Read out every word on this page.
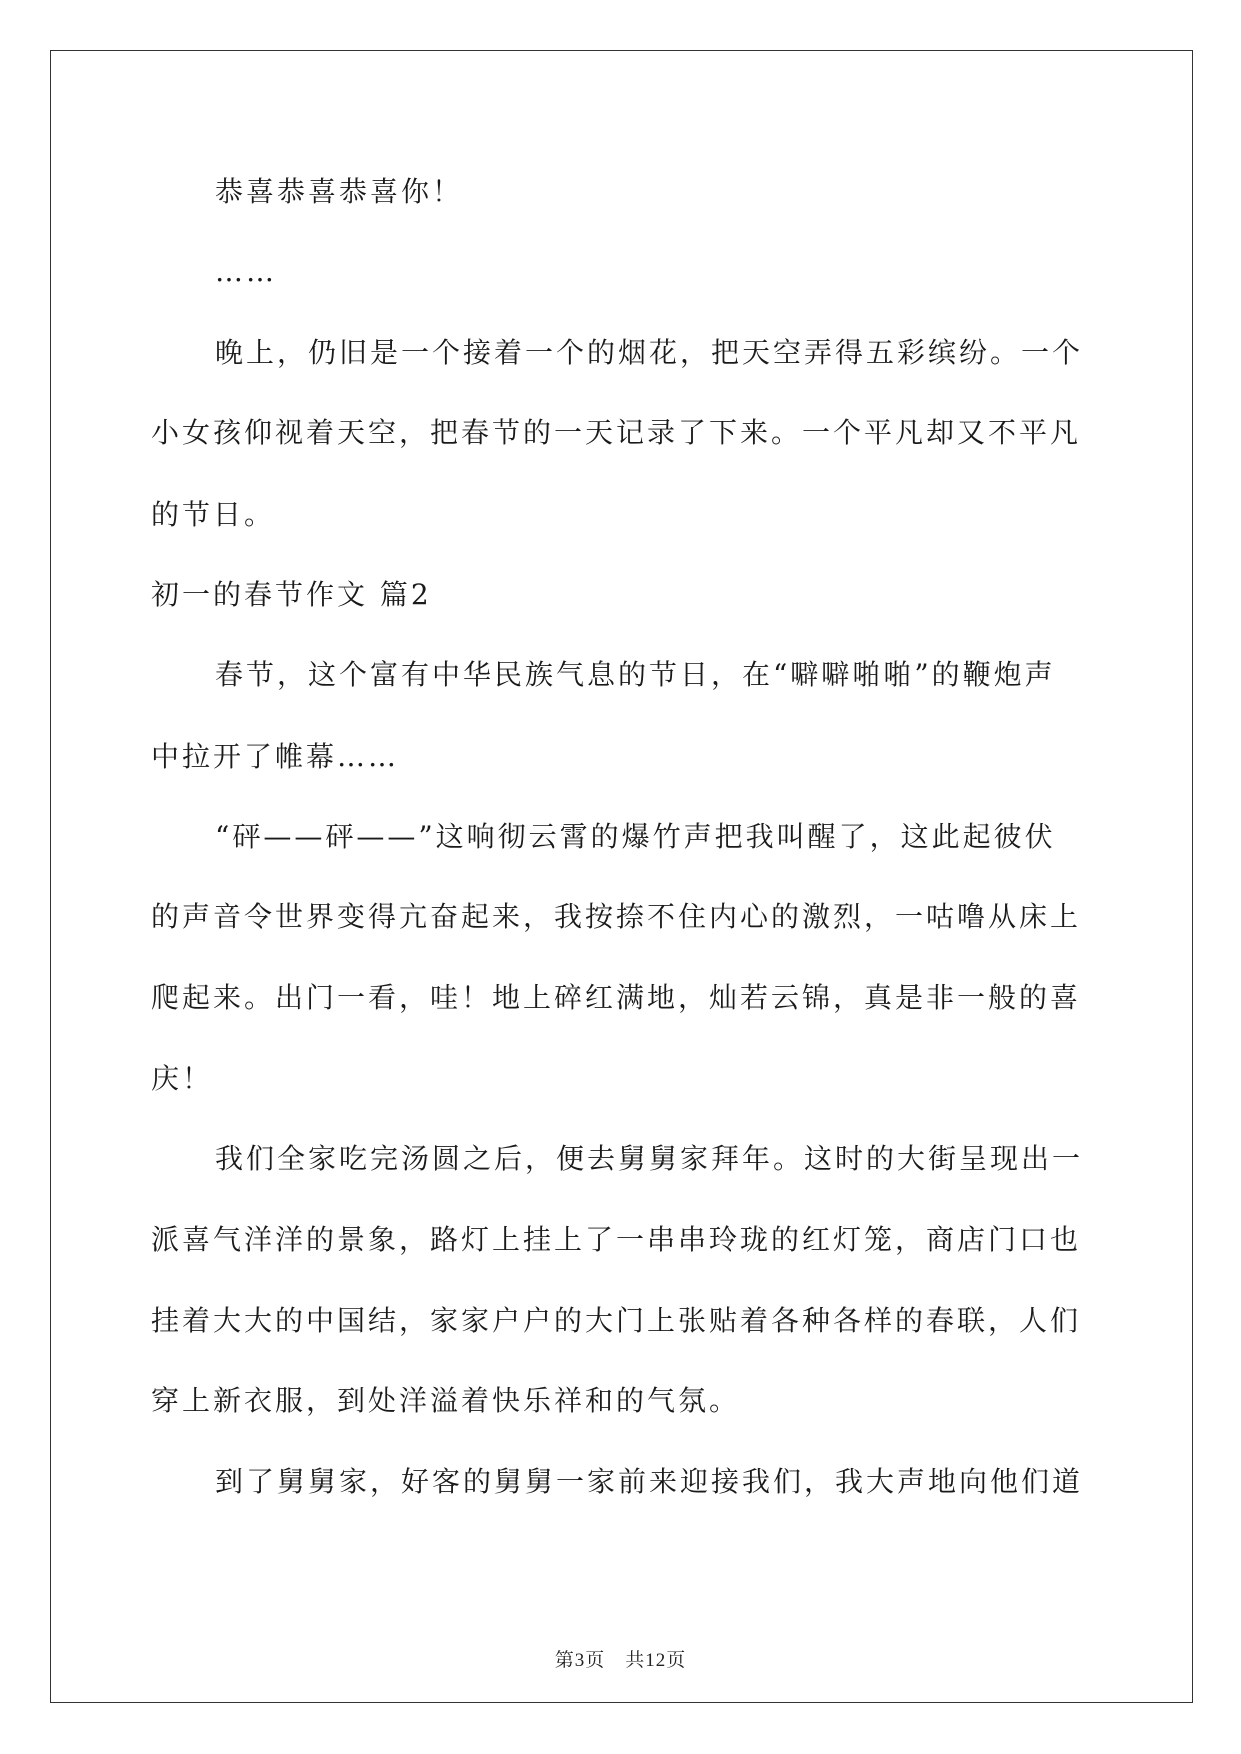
恭喜恭喜恭喜你！
……
晚上，仍旧是一个接着一个的烟花，把天空弄得五彩缤纷。一个
小女孩仰视着天空，把春节的一天记录了下来。一个平凡却又不平凡
的节日。
初一的春节作文 篇2
春节，这个富有中华民族气息的节日，在“噼噼啪啪”的鞭炮声
中拉开了帷幕……
“砰——砰——”这响彻云霄的爆竹声把我叫醒了，这此起彼伏
的声音令世界变得亢奋起来，我按捺不住内心的激烈，一咕噜从床上
爬起来。出门一看，哇！地上碎红满地，灿若云锦，真是非一般的喜
庆！
我们全家吃完汤圆之后，便去舅舅家拜年。这时的大街呈现出一
派喜气洋洋的景象，路灯上挂上了一串串玲珑的红灯笼，商店门口也
挂着大大的中国结，家家户户的大门上张贴着各种各样的春联，人们
穿上新衣服，到处洋溢着快乐祥和的气氛。
到了舅舅家，好客的舅舅一家前来迎接我们，我大声地向他们道
第3页 共12页
